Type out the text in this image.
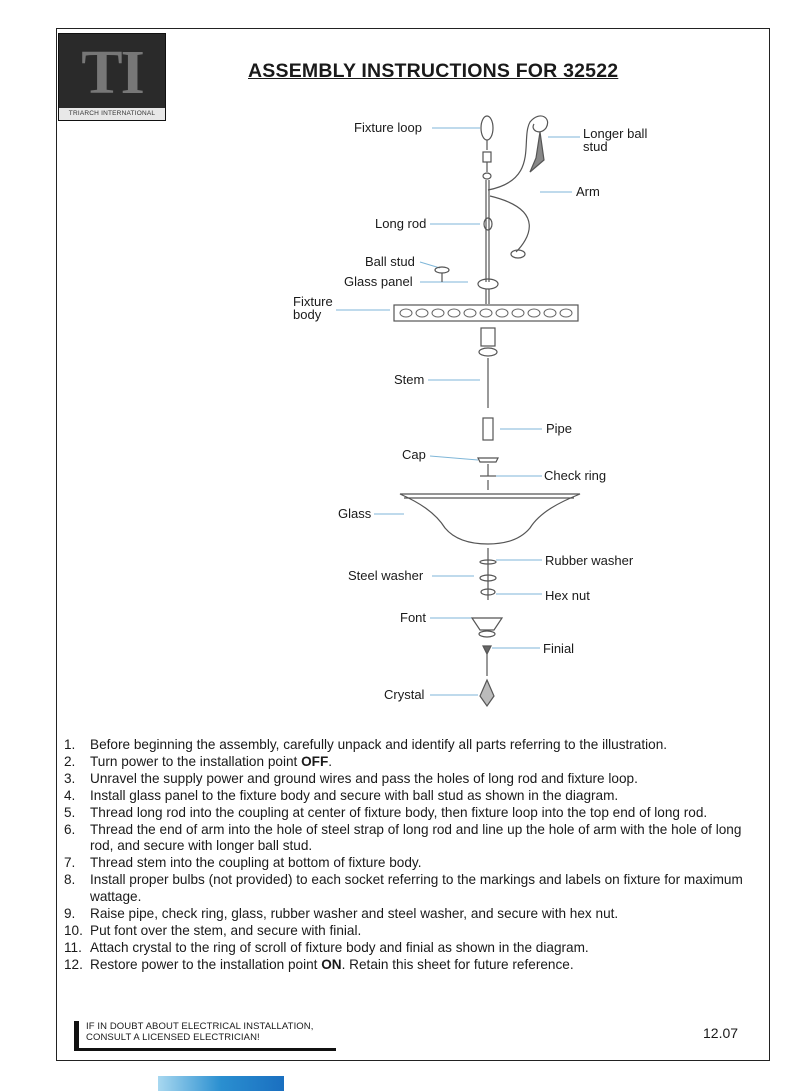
TI
TRIARCH INTERNATIONAL
ASSEMBLY INSTRUCTIONS FOR 32522
Fixture loop	Longer ball
stud
Arm
Long rod
Ball stud
Glass panel
Fixture
body
Stem
Pipe
Cap
Check ring
Glass
Rubber washer
Steel washer
Hex nut
Font
Finial
Crystal
1.	Before beginning the assembly, carefully unpack and identify all parts referring to the illustration.
2.	Turn power to the installation point OFF.
3.	Unravel the supply power and ground wires and pass the holes of long rod and fixture loop.
4.	Install glass panel to the fixture body and secure with ball stud as shown in the diagram.
5.	Thread long rod into the coupling at center of fixture body, then fixture loop into the top end of long rod.
6.	Thread the end of arm into the hole of steel strap of long rod and line up the hole of arm with the hole of long rod, and secure with longer ball stud.
7.	Thread stem into the coupling at bottom of fixture body.
8.	Install proper bulbs (not provided) to each socket referring to the markings and labels on fixture for maximum wattage.
9.	Raise pipe, check ring, glass, rubber washer and steel washer, and secure with hex nut.
10. Put font over the stem, and secure with finial.
11. Attach crystal to the ring of scroll of fixture body and finial as shown in the diagram.
12. Restore power to the installation point ON. Retain this sheet for future reference.
IF IN DOUBT ABOUT ELECTRICAL INSTALLATION,
CONSULT A LICENSED ELECTRICIAN!	12.07
